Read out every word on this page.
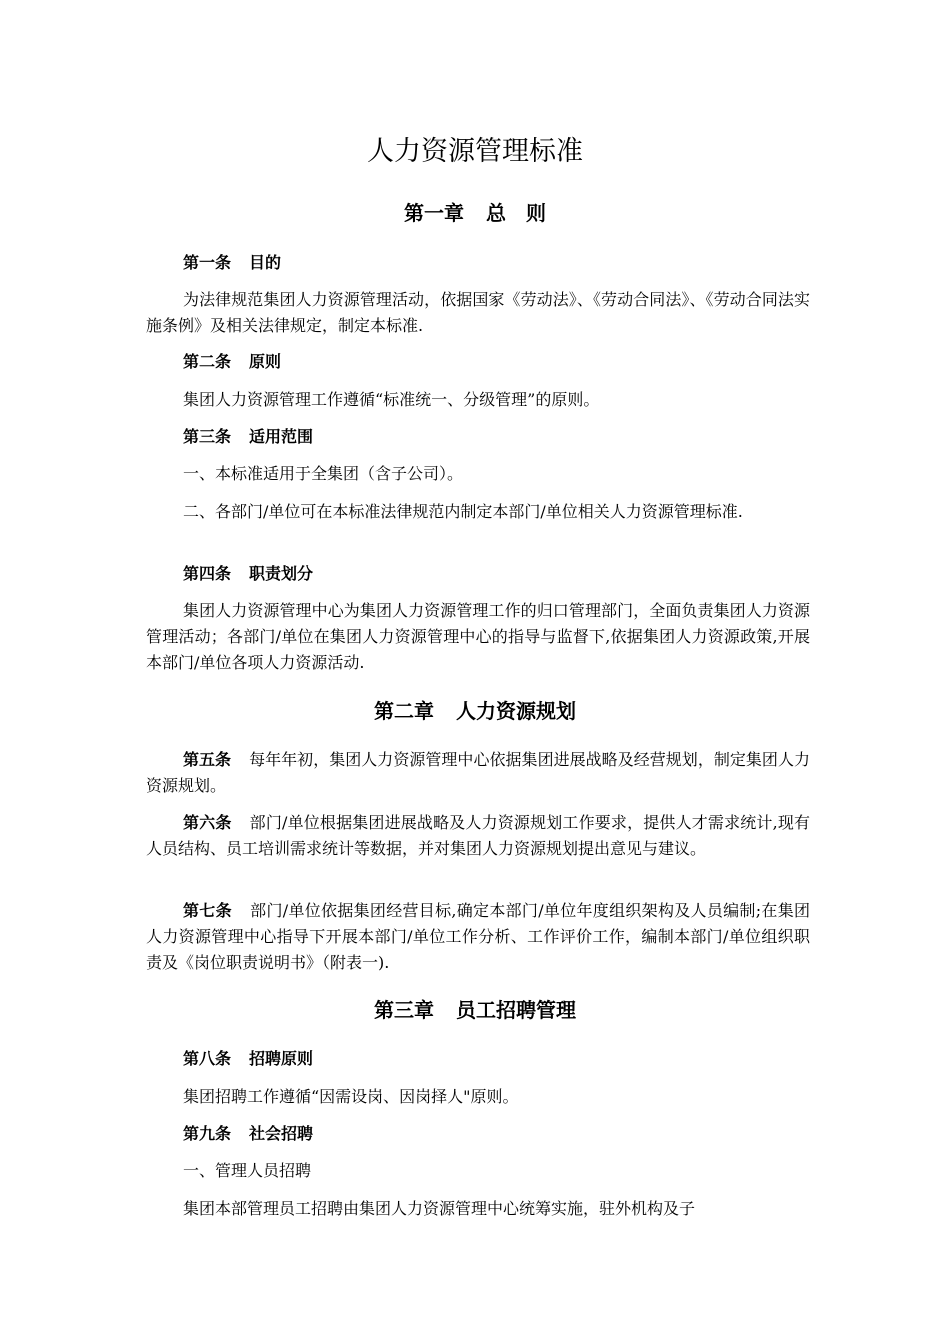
人力资源管理标准
第一章 总　则

第一条 目的

为法律规范集团人力资源管理活动，依据国家《劳动法》、《劳动合同法》、《劳动合同法实施条例》及相关法律规定，制定本标准.

第二条 原则

集团人力资源管理工作遵循“标准统一、分级管理”的原则。

第三条 适用范围

一、本标准适用于全集团（含子公司）。

二、各部门/单位可在本标准法律规范内制定本部门/单位相关人力资源管理标准.

第四条 职责划分

集团人力资源管理中心为集团人力资源管理工作的归口管理部门，全面负责集团人力资源管理活动；各部门/单位在集团人力资源管理中心的指导与监督下,依据集团人力资源政策,开展本部门/单位各项人力资源活动.

第二章 人力资源规划

第五条 每年年初，集团人力资源管理中心依据集团进展战略及经营规划，制定集团人力资源规划。

第六条 部门/单位根据集团进展战略及人力资源规划工作要求，提供人才需求统计,现有人员结构、员工培训需求统计等数据，并对集团人力资源规划提出意见与建议。

第七条 部门/单位依据集团经营目标,确定本部门/单位年度组织架构及人员编制;在集团人力资源管理中心指导下开展本部门/单位工作分析、工作评价工作，编制本部门/单位组织职责及《岗位职责说明书》（附表一).

第三章 员工招聘管理

第八条 招聘原则

集团招聘工作遵循“因需设岗、因岗择人"原则。

第九条 社会招聘

一、管理人员招聘

集团本部管理员工招聘由集团人力资源管理中心统筹实施，驻外机构及子
